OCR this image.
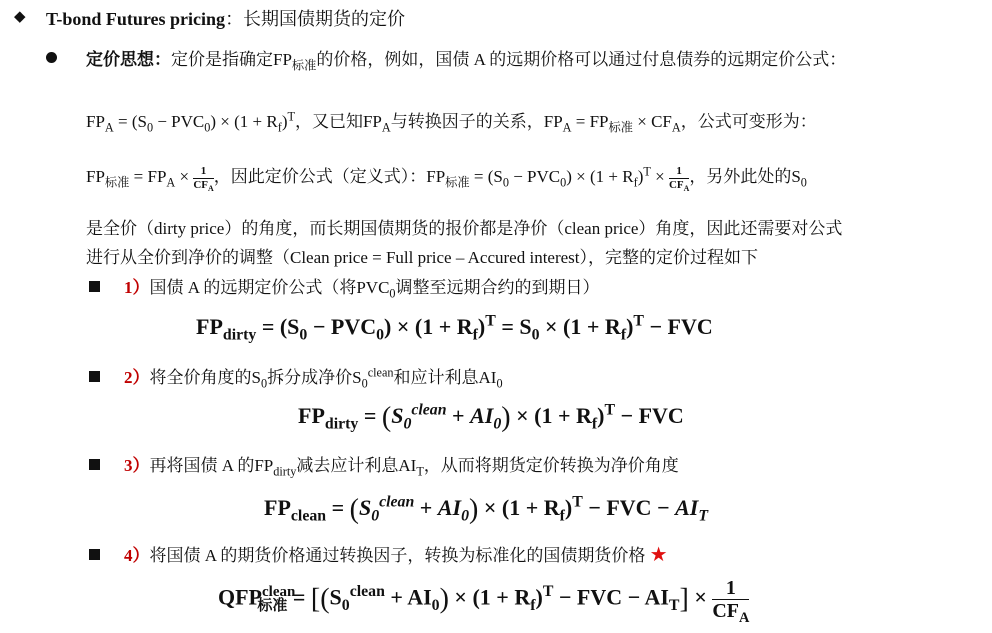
◆ T-bond Futures pricing：长期国债期货的定价
定价思想：定价是指确定$FP_{标准}$的价格，例如，国债 A 的远期价格可以通过付息债券的远期定价公式：
$FP_A = (S_0 - PVC_0) \times (1 + R_f)^T$，又已知$FP_A$与转换因子的关系，$FP_A = FP_{标准} \times CF_A$，公式可变形为：
$FP_{标准} = FP_A \times \frac{1}{CF_A}$ ，因此定价公式（定义式）：$FP_{标准} = (S_0 - PVC_0) \times (1 + R_f)^T \times \frac{1}{CF_A}$ ，另外此处的$S_0$
是全价（dirty price）的角度，而长期国债期货的报价都是净价（clean price）角度，因此还需要对公式
进行从全价到净价的调整（Clean price = Full price – Accured interest），完整的定价过程如下
1）国债 A 的远期定价公式（将$PVC_0$调整至远期合约的到期日）
$FP_{dirty} = (S_0 - PVC_0) \times (1 + R_f)^T = S_0 \times (1 + R_f)^T$ − FVC
2）将全价角度的$S_0$拆分成净价$S_0^{clean}$和应计利息$AI_0$
$FP_{dirty} = (S_0^{clean} + AI_0) \times (1 + R_f)^T$ − FVC
3）再将国债 A 的$FP_{dirty}$减去应计利息$AI_T$，从而将期货定价转换为净价角度
$FP_{clean} = (S_0^{clean} + AI_0) \times (1 + R_f)^T$ − FVC − $AI_T$
4）将国债 A 的期货价格通过转换因子，转换为标准化的国债期货价格 ★
$QFP^{clean}_{标准} = [(S_0^{clean} + AI_0) \times (1 + R_f)^T$ − FVC − $AI_T] \times \frac{1}{CF_A}$
